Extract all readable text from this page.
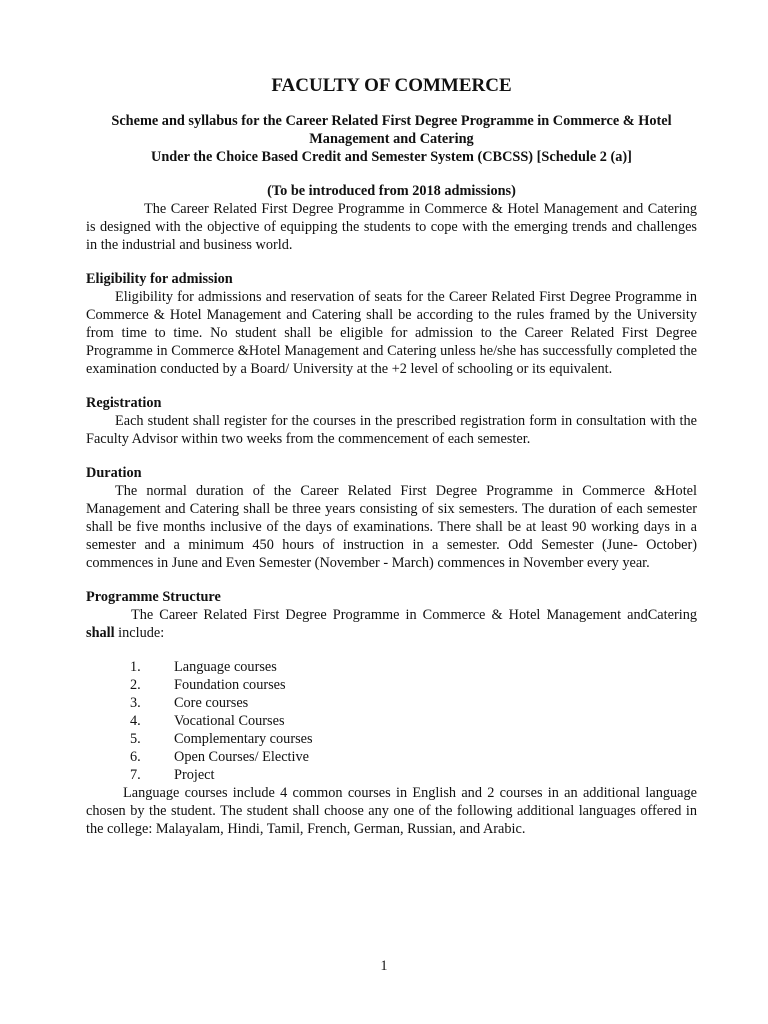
FACULTY OF COMMERCE
Scheme and syllabus for the Career Related First Degree Programme in Commerce & Hotel
Management and Catering
Under the Choice Based Credit and Semester System (CBCSS) [Schedule 2 (a)]

(To be introduced from 2018 admissions)

The Career Related First Degree Programme in Commerce & Hotel Management and Catering is designed with the objective of equipping the students to cope with the emerging trends and challenges in the industrial and business world.

Eligibility for admission

Eligibility for admissions and reservation of seats for the Career Related First Degree Programme in Commerce & Hotel Management and Catering shall be according to the rules framed by the University from time to time. No student shall be eligible for admission to the Career Related First Degree Programme in Commerce &Hotel Management and Catering unless he/she has successfully completed the examination conducted by a Board/ University at the +2 level of schooling or its equivalent.

Registration

Each student shall register for the courses in the prescribed registration form in consultation with the Faculty Advisor within two weeks from the commencement of each semester.

Duration

The normal duration of the Career Related First Degree Programme in Commerce &Hotel Management and Catering shall be three years consisting of six semesters. The duration of each semester shall be five months inclusive of the days of examinations. There shall be at least 90 working days in a semester and a minimum 450 hours of instruction in a semester. Odd Semester (June- October) commences in June and Even Semester (November - March) commences in November every year.

Programme Structure

The Career Related First Degree Programme in Commerce & Hotel Management andCatering shall include:

1.	Language courses
2.	Foundation courses
3.	Core courses
4.	Vocational Courses
5.	Complementary courses
6.	Open Courses/ Elective
7.	Project

Language courses include 4 common courses in English and 2 courses in an additional language chosen by the student. The student shall choose any one of the following additional languages offered in the college: Malayalam, Hindi, Tamil, French, German, Russian, and Arabic.

1
